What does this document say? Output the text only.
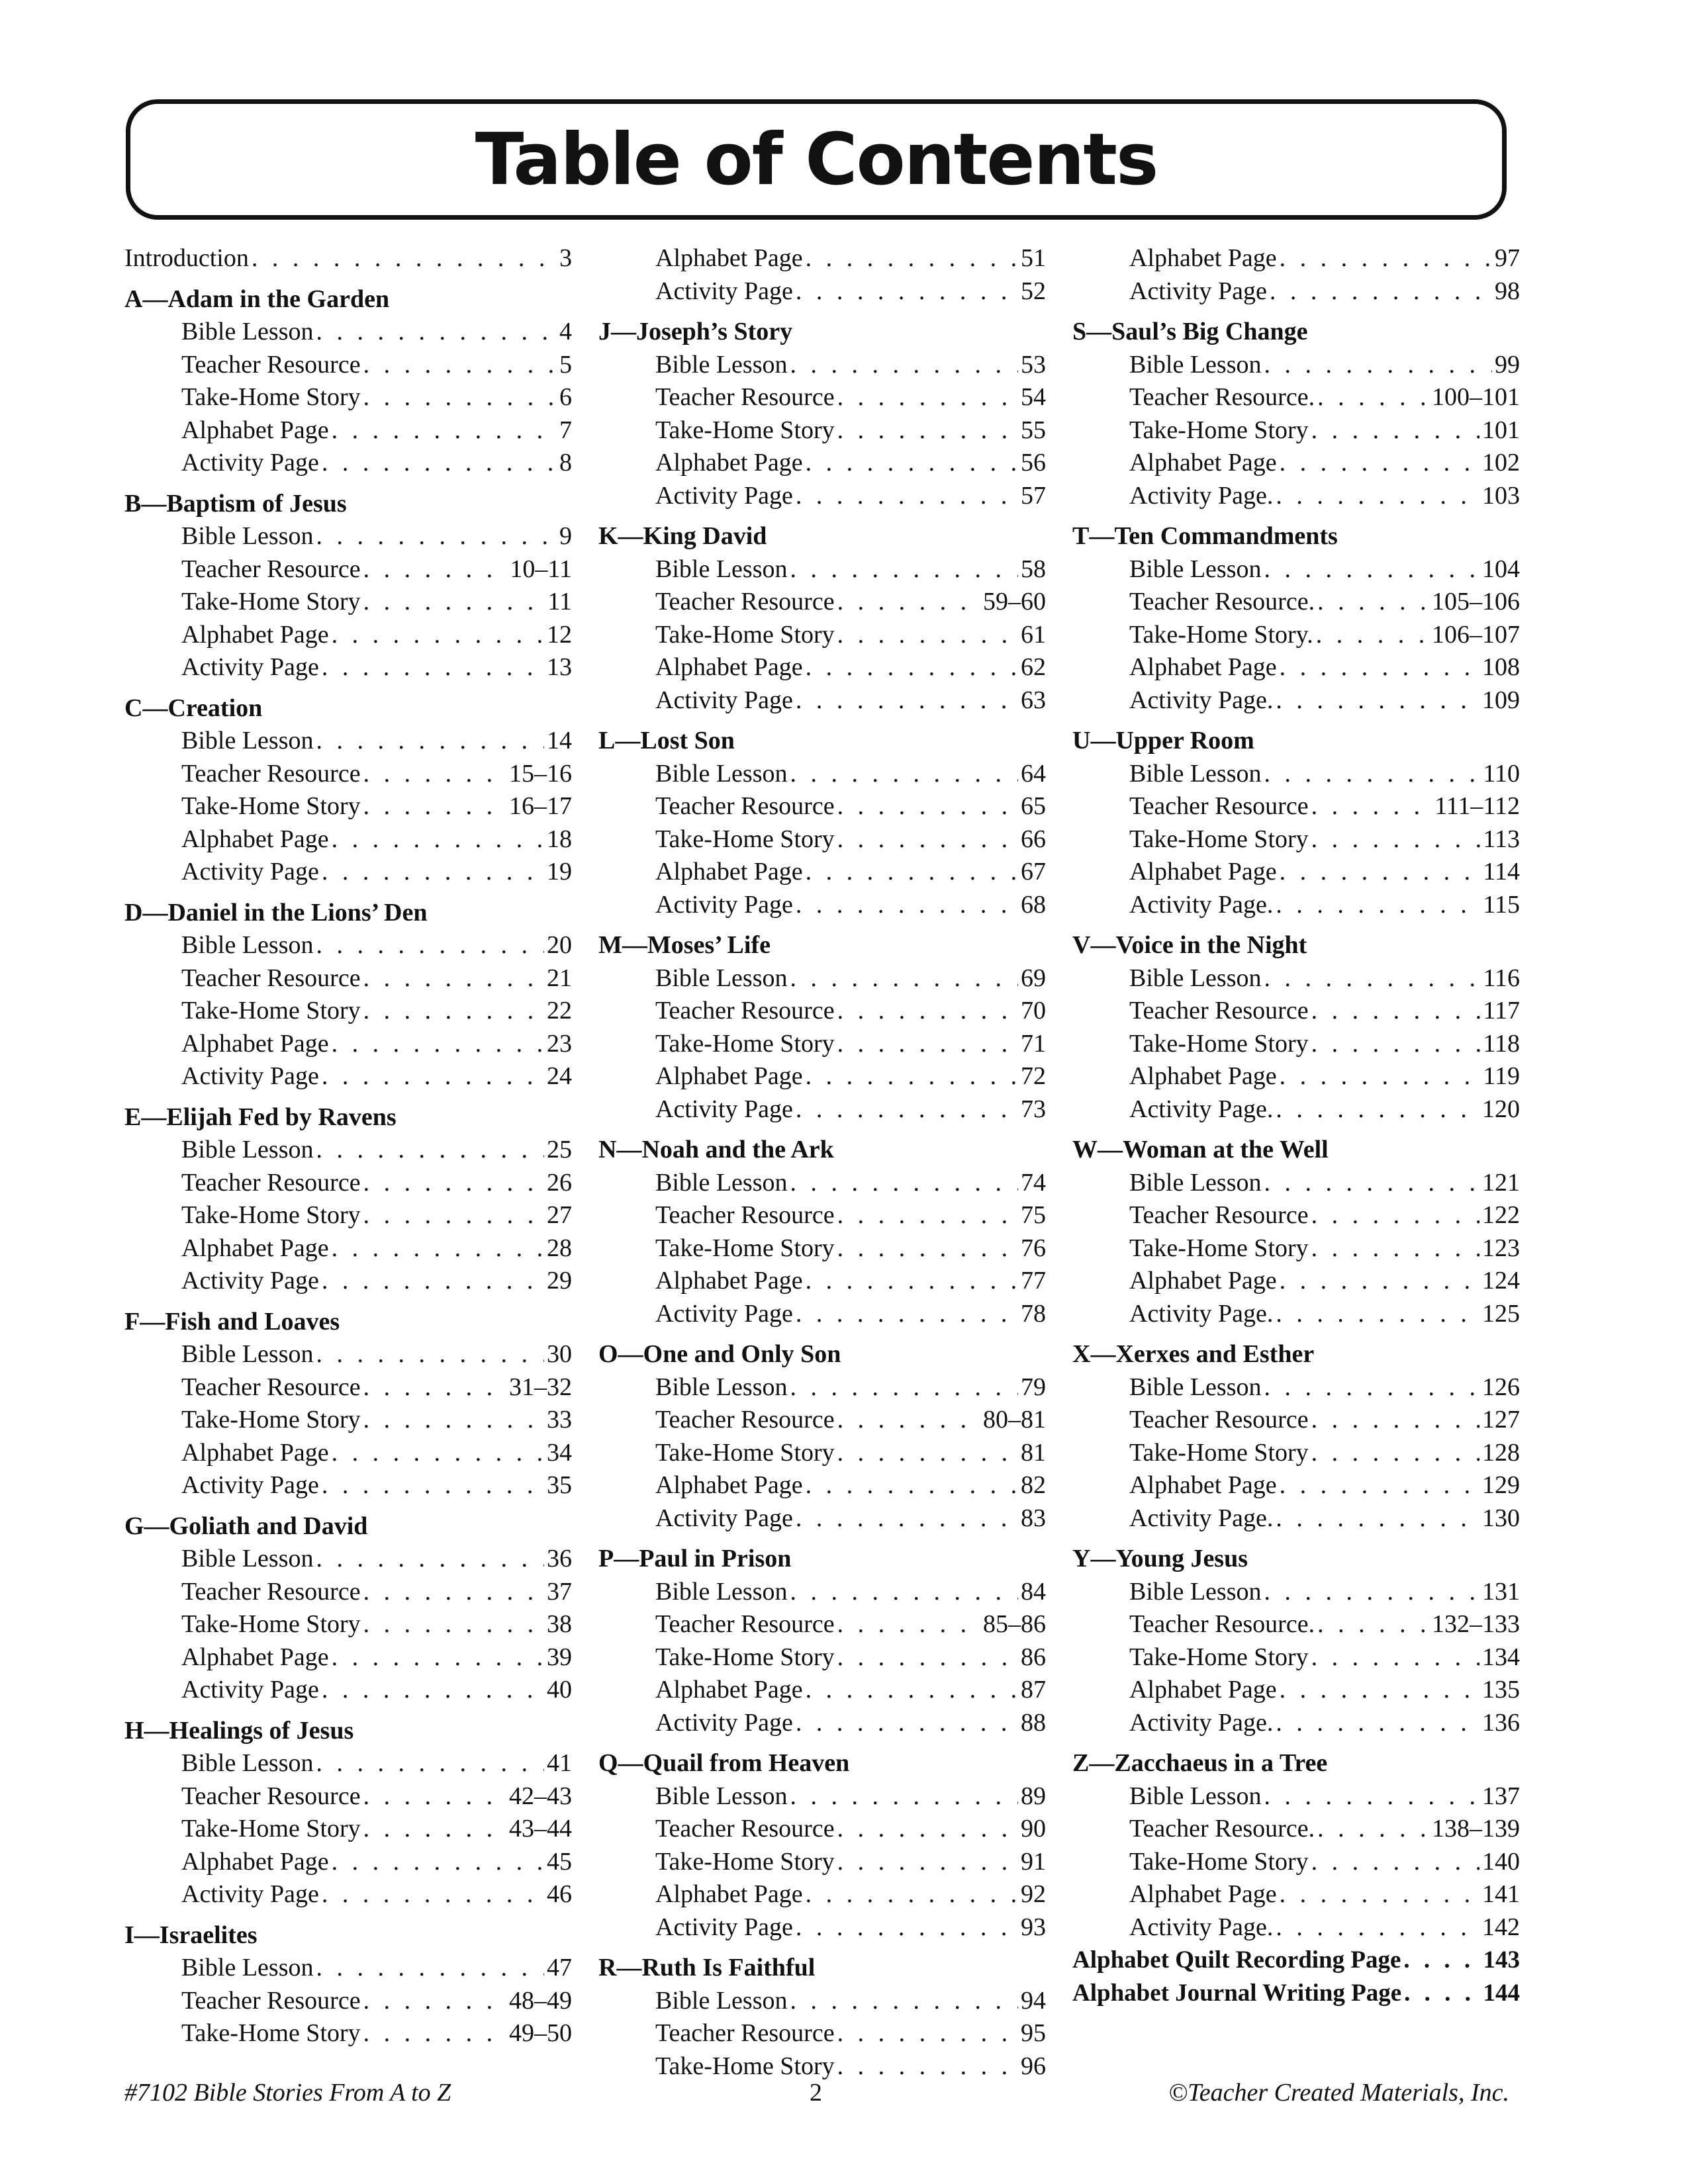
Table of Contents
Introduction . . .	3
A—Adam in the Garden
Bible Lesson . . .	4
Teacher Resource . . .	5
Take-Home Story . . .	6
Alphabet Page . . .	7
Activity Page . . .	8
B—Baptism of Jesus
Bible Lesson . . .	9
Teacher Resource . . .	10–11
Take-Home Story . . .	11
Alphabet Page . . .	12
Activity Page . . .	13
C—Creation
Bible Lesson . . .	14
Teacher Resource . . .	15–16
Take-Home Story . . .	16–17
Alphabet Page . . .	18
Activity Page . . .	19
D—Daniel in the Lions’ Den
Bible Lesson . . .	20
Teacher Resource . . .	21
Take-Home Story . . .	22
Alphabet Page . . .	23
Activity Page . . .	24
E—Elijah Fed by Ravens
Bible Lesson . . .	25
Teacher Resource . . .	26
Take-Home Story . . .	27
Alphabet Page . . .	28
Activity Page . . .	29
F—Fish and Loaves
Bible Lesson . . .	30
Teacher Resource . . .	31–32
Take-Home Story . . .	33
Alphabet Page . . .	34
Activity Page . . .	35
G—Goliath and David
Bible Lesson . . .	36
Teacher Resource . . .	37
Take-Home Story . . .	38
Alphabet Page . . .	39
Activity Page . . .	40
H—Healings of Jesus
Bible Lesson . . .	41
Teacher Resource . . .	42–43
Take-Home Story . . .	43–44
Alphabet Page . . .	45
Activity Page . . .	46
I—Israelites
Bible Lesson . . .	47
Teacher Resource . . .	48–49
Take-Home Story . . .	49–50
Alphabet Page . . .	51
Activity Page . . .	52
J—Joseph’s Story
Bible Lesson . . .	53
Teacher Resource . . .	54
Take-Home Story . . .	55
Alphabet Page . . .	56
Activity Page . . .	57
K—King David
Bible Lesson . . .	58
Teacher Resource . . .	59–60
Take-Home Story . . .	61
Alphabet Page . . .	62
Activity Page . . .	63
L—Lost Son
Bible Lesson . . .	64
Teacher Resource . . .	65
Take-Home Story . . .	66
Alphabet Page . . .	67
Activity Page . . .	68
M—Moses’ Life
Bible Lesson . . .	69
Teacher Resource . . .	70
Take-Home Story . . .	71
Alphabet Page . . .	72
Activity Page . . .	73
N—Noah and the Ark
Bible Lesson . . .	74
Teacher Resource . . .	75
Take-Home Story . . .	76
Alphabet Page . . .	77
Activity Page . . .	78
O—One and Only Son
Bible Lesson . . .	79
Teacher Resource . . .	80–81
Take-Home Story . . .	81
Alphabet Page . . .	82
Activity Page . . .	83
P—Paul in Prison
Bible Lesson . . .	84
Teacher Resource . . .	85–86
Take-Home Story . . .	86
Alphabet Page . . .	87
Activity Page . . .	88
Q—Quail from Heaven
Bible Lesson . . .	89
Teacher Resource . . .	90
Take-Home Story . . .	91
Alphabet Page . . .	92
Activity Page . . .	93
R—Ruth Is Faithful
Bible Lesson . . .	94
Teacher Resource . . .	95
Take-Home Story . . .	96
Alphabet Page . . .	97
Activity Page . . .	98
S—Saul’s Big Change
Bible Lesson . . .	99
Teacher Resource. . . .	100–101
Take-Home Story . . .	101
Alphabet Page . . .	102
Activity Page. . . .	103
T—Ten Commandments
Bible Lesson . . .	104
Teacher Resource. . . .	105–106
Take-Home Story. . . .	106–107
Alphabet Page . . .	108
Activity Page. . . .	109
U—Upper Room
Bible Lesson . . .	110
Teacher Resource . . .	111–112
Take-Home Story . . .	113
Alphabet Page . . .	114
Activity Page. . . .	115
V—Voice in the Night
Bible Lesson . . .	116
Teacher Resource . . .	117
Take-Home Story . . .	118
Alphabet Page . . .	119
Activity Page. . . .	120
W—Woman at the Well
Bible Lesson . . .	121
Teacher Resource . . .	122
Take-Home Story . . .	123
Alphabet Page . . .	124
Activity Page. . . .	125
X—Xerxes and Esther
Bible Lesson . . .	126
Teacher Resource . . .	127
Take-Home Story . . .	128
Alphabet Page . . .	129
Activity Page. . . .	130
Y—Young Jesus
Bible Lesson . . .	131
Teacher Resource. . . .	132–133
Take-Home Story . . .	134
Alphabet Page . . .	135
Activity Page. . . .	136
Z—Zacchaeus in a Tree
Bible Lesson . . .	137
Teacher Resource. . . .	138–139
Take-Home Story . . .	140
Alphabet Page . . .	141
Activity Page. . . .	142
Alphabet Quilt Recording Page . . .	143
Alphabet Journal Writing Page . . .	144
#7102 Bible Stories From A to Z	2	©Teacher Created Materials, Inc.
